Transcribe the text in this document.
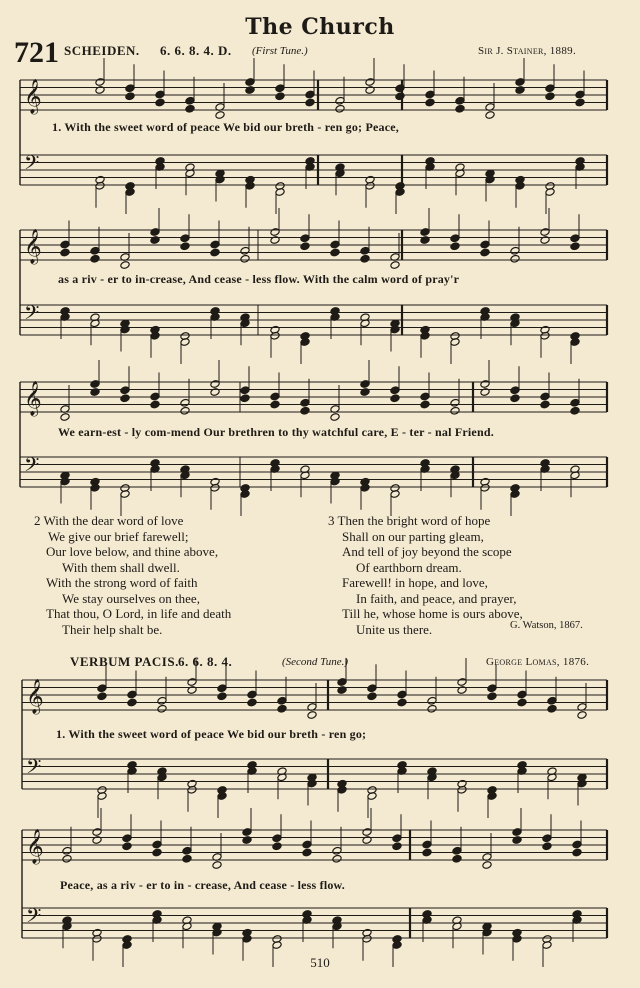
The Church
721 SCHEIDEN. 6. 6. 8. 4. D. (First Tune.)	Sir J. Stainer, 1889.
𝄞
𝄢
𝄞
𝄢
𝄞
𝄢
𝄞
𝄢
𝄞
𝄢
1. With the sweet word of peace We bid our breth - ren go; Peace,
as a riv - er to in-crease, And cease - less flow. With the calm word of pray'r
We earn-est - ly com-mend Our brethren to thy watchful care, E - ter - nal Friend.
2 With the dear word of love
We give our brief farewell;
Our love below, and thine above,
With them shall dwell.
With the strong word of faith
We stay ourselves on thee,
That thou, O Lord, in life and death
Their help shalt be.
3 Then the bright word of hope
Shall on our parting gleam,
And tell of joy beyond the scope
Of earthborn dream.
Farewell! in hope, and love,
In faith, and peace, and prayer,
Till he, whose home is ours above,
Unite us there.	G. Watson, 1867.
VERBUM PACIS. 6. 6. 8. 4.	(Second Tune.)	George Lomas, 1876.
1. With the sweet word of peace We bid our breth - ren go;
Peace, as a riv - er to in - crease, And cease - less flow.
510
